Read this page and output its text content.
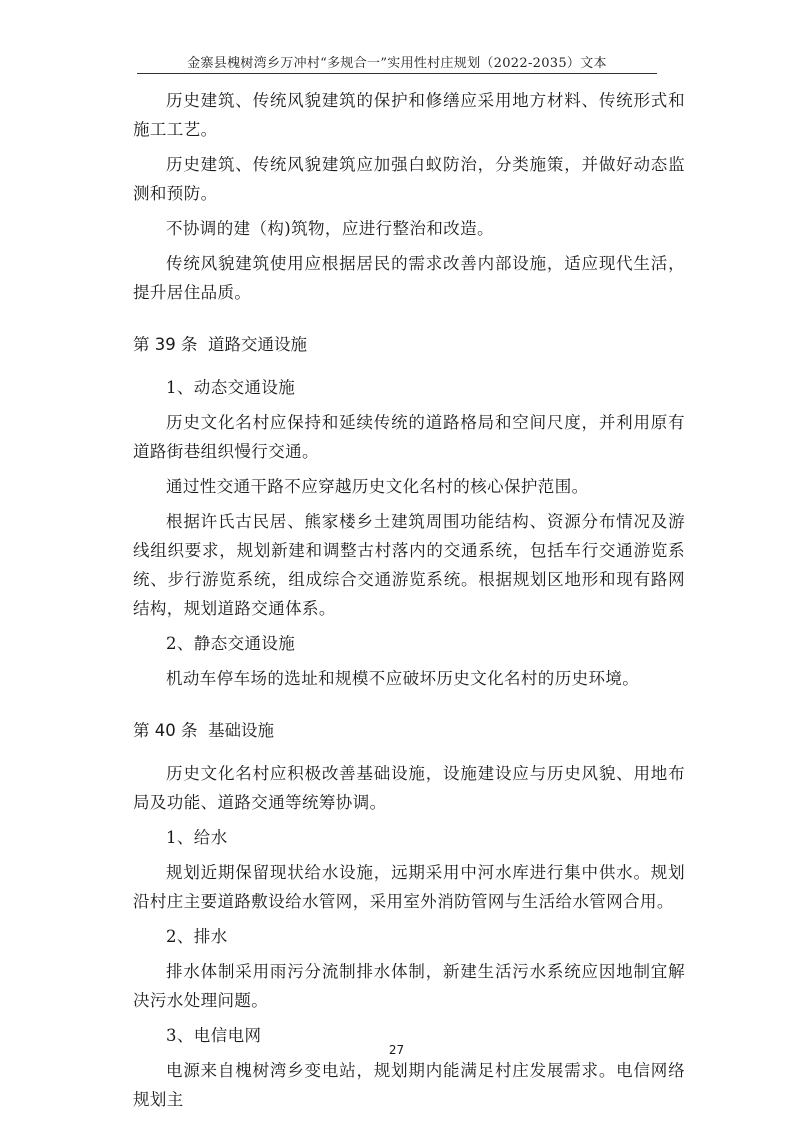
金寨县槐树湾乡万冲村“多规合一”实用性村庄规划（2022-2035）文本

历史建筑、传统风貌建筑的保护和修缮应采用地方材料、传统形式和施工工艺。

历史建筑、传统风貌建筑应加强白蚁防治，分类施策，并做好动态监测和预防。

不协调的建（构)筑物，应进行整治和改造。

传统风貌建筑使用应根据居民的需求改善内部设施，适应现代生活，提升居住品质。

第 39 条 道路交通设施

1、动态交通设施

历史文化名村应保持和延续传统的道路格局和空间尺度，并利用原有道路街巷组织慢行交通。

通过性交通干路不应穿越历史文化名村的核心保护范围。

根据许氏古民居、熊家楼乡土建筑周围功能结构、资源分布情况及游线组织要求，规划新建和调整古村落内的交通系统，包括车行交通游览系统、步行游览系统，组成综合交通游览系统。根据规划区地形和现有路网结构，规划道路交通体系。

2、静态交通设施

机动车停车场的选址和规模不应破坏历史文化名村的历史环境。

第 40 条 基础设施

历史文化名村应积极改善基础设施，设施建设应与历史风貌、用地布局及功能、道路交通等统筹协调。

1、给水

规划近期保留现状给水设施，远期采用中河水库进行集中供水。规划沿村庄主要道路敷设给水管网，采用室外消防管网与生活给水管网合用。

2、排水

排水体制采用雨污分流制排水体制，新建生活污水系统应因地制宜解决污水处理问题。

3、电信电网

电源来自槐树湾乡变电站，规划期内能满足村庄发展需求。电信网络规划主

27
